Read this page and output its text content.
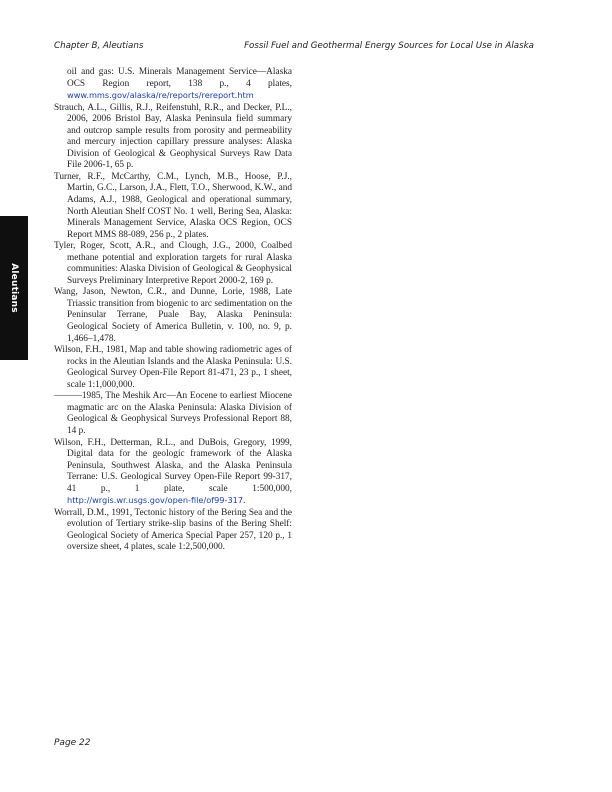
Chapter B, Aleutians	Fossil Fuel and Geothermal Energy Sources for Local Use in Alaska
Aleutians

oil and gas: U.S. Minerals Management Service—Alaska OCS Region report, 138 p., 4 plates, www.mms.gov/alaska/re/reports/rereport.htm

Strauch, A.L., Gillis, R.J., Reifenstuhl, R.R., and Decker, P.L., 2006, 2006 Bristol Bay, Alaska Peninsula field summary and outcrop sample results from porosity and permeability and mercury injection capillary pressure analyses: Alaska Division of Geological & Geophysical Surveys Raw Data File 2006-1, 65 p.

Turner, R.F., McCarthy, C.M., Lynch, M.B., Hoose, P.J., Martin, G.C., Larson, J.A., Flett, T.O., Sherwood, K.W., and Adams, A.J., 1988, Geological and operational summary, North Aleutian Shelf COST No. 1 well, Bering Sea, Alaska: Minerals Management Service, Alaska OCS Region, OCS Report MMS 88-089, 256 p., 2 plates.

Tyler, Roger, Scott, A.R., and Clough, J.G., 2000, Coalbed methane potential and exploration targets for rural Alaska communities: Alaska Division of Geological & Geophysical Surveys Preliminary Interpretive Report 2000-2, 169 p.

Wang, Jason, Newton, C.R., and Dunne, Lorie, 1988, Late Triassic transition from biogenic to arc sedimentation on the Peninsular Terrane, Puale Bay, Alaska Peninsula: Geological Society of America Bulletin, v. 100, no. 9, p. 1,466–1,478.

Wilson, F.H., 1981, Map and table showing radiometric ages of rocks in the Aleutian Islands and the Alaska Peninsula: U.S. Geological Survey Open-File Report 81-471, 23 p., 1 sheet, scale 1:1,000,000.

———1985, The Meshik Arc—An Eocene to earliest Miocene magmatic arc on the Alaska Peninsula: Alaska Division of Geological & Geophysical Surveys Professional Report 88, 14 p.

Wilson, F.H., Detterman, R.L., and DuBois, Gregory, 1999, Digital data for the geologic framework of the Alaska Peninsula, Southwest Alaska, and the Alaska Peninsula Terrane: U.S. Geological Survey Open-File Report 99-317, 41 p., 1 plate, scale 1:500,000, http://wrgis.wr.usgs.gov/open-file/of99-317.

Worrall, D.M., 1991, Tectonic history of the Bering Sea and the evolution of Tertiary strike-slip basins of the Bering Shelf: Geological Society of America Special Paper 257, 120 p., 1 oversize sheet, 4 plates, scale 1:2,500,000.

Page 22
